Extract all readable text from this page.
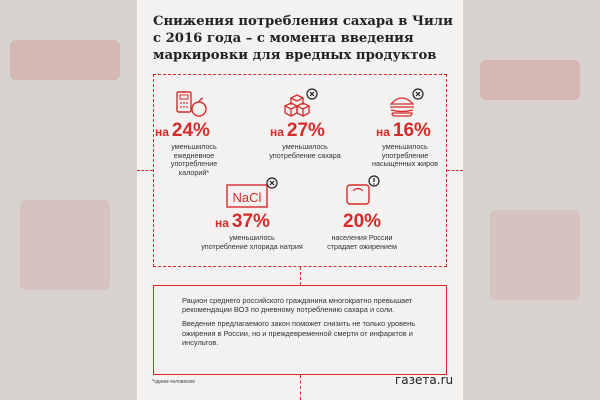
Снижения потребления сахара в Чили с 2016 года – с момента введения маркировки для вредных продуктов
на 24%
уменьшилось
ежедневное
употребление
калорий*
на 27%
уменьшилось
употребление сахара
на 16%
уменьшилось
употребление
насыщенных жиров
NaCl
на 37%
уменьшилось
употребление хлорида натрия
20%
населения России
страдает ожирением

Рацион среднего российского гражданина многократно превышает рекомендации ВОЗ по дневному потреблению сахара и соли.

Введение предлагаемого закон поможет снизить не только уровень ожирения в России, но и преждевременной смерти от инфарктов и инсультов.

*одним человеком	газета.ru
